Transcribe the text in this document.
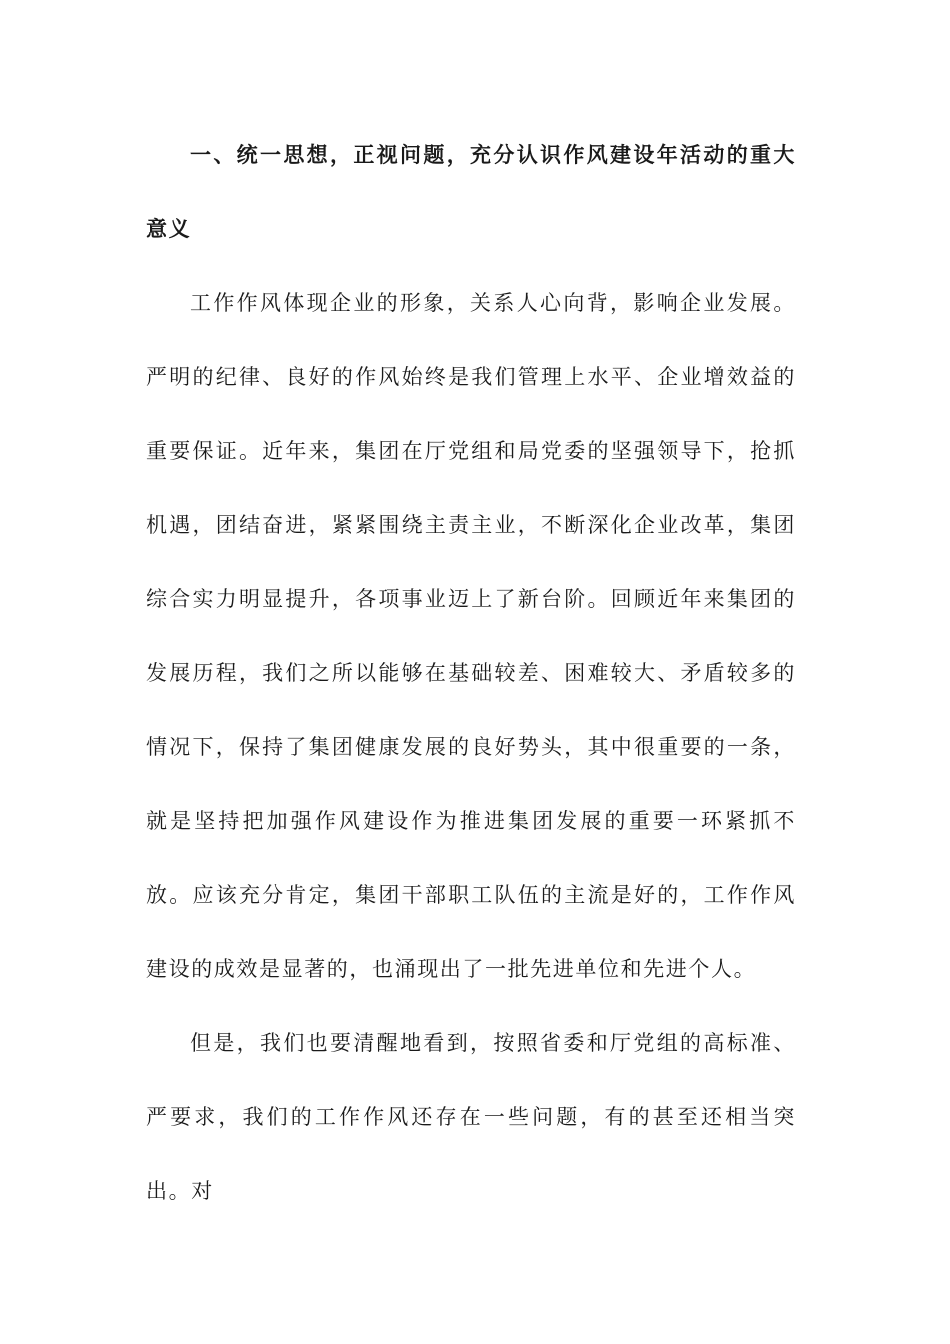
一、统一思想，正视问题，充分认识作风建设年活动的重大意义

工作作风体现企业的形象，关系人心向背，影响企业发展。严明的纪律、良好的作风始终是我们管理上水平、企业增效益的重要保证。近年来，集团在厅党组和局党委的坚强领导下，抢抓机遇，团结奋进，紧紧围绕主责主业，不断深化企业改革，集团综合实力明显提升，各项事业迈上了新台阶。回顾近年来集团的发展历程，我们之所以能够在基础较差、困难较大、矛盾较多的情况下，保持了集团健康发展的良好势头，其中很重要的一条，就是坚持把加强作风建设作为推进集团发展的重要一环紧抓不放。应该充分肯定，集团干部职工队伍的主流是好的，工作作风建设的成效是显著的，也涌现出了一批先进单位和先进个人。

但是，我们也要清醒地看到，按照省委和厅党组的高标准、严要求，我们的工作作风还存在一些问题，有的甚至还相当突出。对
